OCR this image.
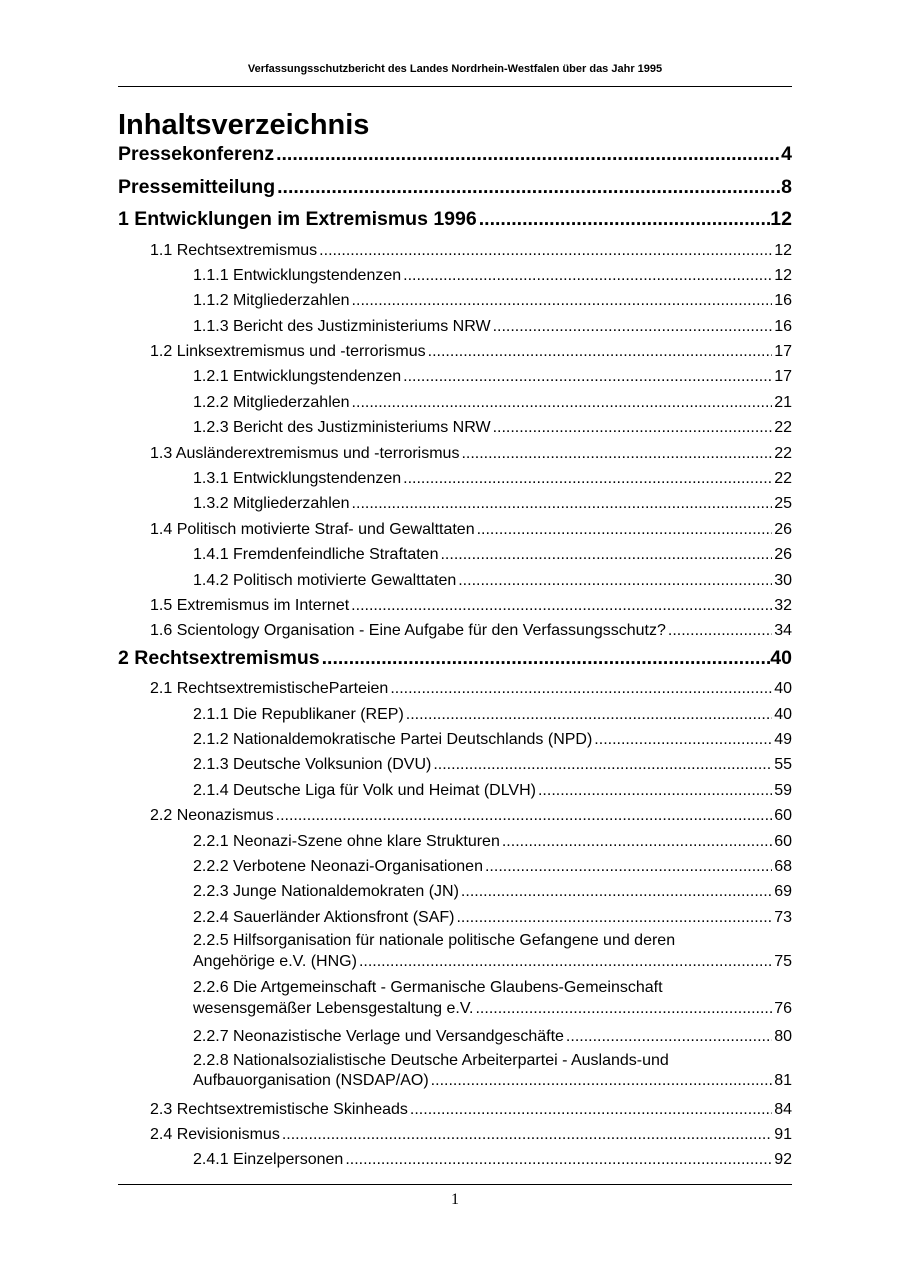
Verfassungsschutzbericht des Landes Nordrhein-Westfalen über das Jahr 1995
Inhaltsverzeichnis
Pressekonferenz .....	4
Pressemitteilung .....	8
1 Entwicklungen im Extremismus 1996 .....	12
1.1 Rechtsextremismus .....	12
1.1.1 Entwicklungstendenzen .....	12
1.1.2 Mitgliederzahlen .....	16
1.1.3 Bericht des Justizministeriums NRW .....	16
1.2 Linksextremismus und -terrorismus .....	17
1.2.1 Entwicklungstendenzen .....	17
1.2.2 Mitgliederzahlen .....	21
1.2.3 Bericht des Justizministeriums NRW .....	22
1.3 Ausländerextremismus und -terrorismus .....	22
1.3.1 Entwicklungstendenzen .....	22
1.3.2 Mitgliederzahlen .....	25
1.4 Politisch motivierte Straf- und Gewalttaten .....	26
1.4.1 Fremdenfeindliche Straftaten .....	26
1.4.2 Politisch motivierte Gewalttaten .....	30
1.5 Extremismus im Internet .....	32
1.6 Scientology Organisation - Eine Aufgabe für den Verfassungsschutz? .....	34
2 Rechtsextremismus .....	40
2.1 RechtsextremistischeParteien .....	40
2.1.1 Die Republikaner (REP) .....	40
2.1.2 Nationaldemokratische Partei Deutschlands (NPD) .....	49
2.1.3 Deutsche Volksunion (DVU) .....	55
2.1.4 Deutsche Liga für Volk und Heimat (DLVH) .....	59
2.2 Neonazismus .....	60
2.2.1 Neonazi-Szene ohne klare Strukturen .....	60
2.2.2 Verbotene Neonazi-Organisationen .....	68
2.2.3 Junge Nationaldemokraten (JN) .....	69
2.2.4 Sauerländer Aktionsfront (SAF) .....	73
2.2.5 Hilfsorganisation für nationale politische Gefangene und deren
Angehörige e.V. (HNG) .....	75
2.2.6 Die Artgemeinschaft - Germanische Glaubens-Gemeinschaft
wesensgemäßer Lebensgestaltung e.V. .....	76
2.2.7 Neonazistische Verlage und Versandgeschäfte .....	80
2.2.8 Nationalsozialistische Deutsche Arbeiterpartei - Auslands-und
Aufbauorganisation (NSDAP/AO) .....	81
2.3 Rechtsextremistische Skinheads .....	84
2.4 Revisionismus .....	91
2.4.1 Einzelpersonen .....	92
1
